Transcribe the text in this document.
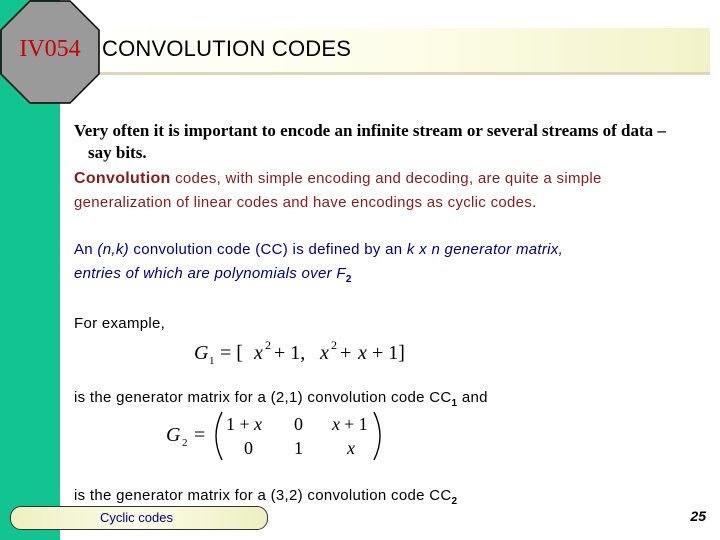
IV054 CONVOLUTION CODES
Very often it is important to encode an infinite stream or several streams of data –
say bits.
Convolution codes, with simple encoding and decoding, are quite a simple
generalization of linear codes and have encodings as cyclic codes.
An (n,k) convolution code (CC) is defined by an k x n generator matrix,
entries of which are polynomials over $F_2$
For example,
G 1 = [ x 2 + 1, x 2 + x + 1]
is the generator matrix for a (2,1) convolution code $CC_1$ and
G 2 = 1 + x 0 x + 1
0 1 x
is the generator matrix for a (3,2) convolution code $CC_2$
Cyclic codes	25
